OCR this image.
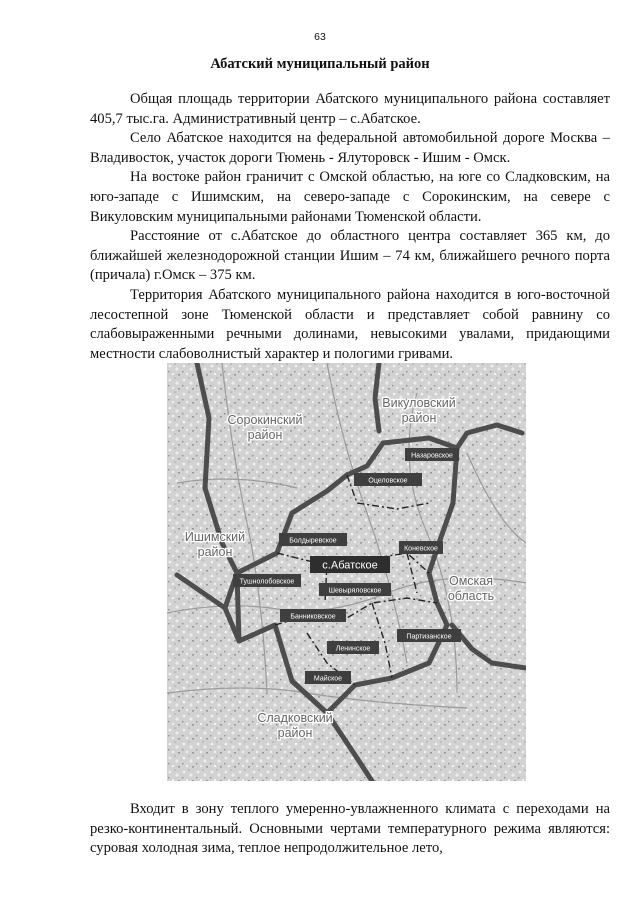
63
Абатский муниципальный район

Общая площадь территории Абатского муниципального района составляет 405,7 тыс.га. Административный центр – с.Абатское.

Село Абатское находится на федеральной автомобильной дороге Москва – Владивосток, участок дороги Тюмень - Ялуторовск - Ишим - Омск.

На востоке район граничит с Омской областью, на юге со Сладковским, на юго-западе с Ишимским, на северо-западе с Сорокинским, на севере с Викуловским муниципальными районами Тюменской области.

Расстояние от с.Абатское до областного центра составляет 365 км, до ближайшей железнодорожной станции Ишим – 74 км, ближайшего речного порта (причала) г.Омск – 375 км.

Территория Абатского муниципального района находится в юго-восточной лесостепной зоне Тюменской области и представляет собой равнину со слабовыраженными речными долинами, невысокими увалами, придающими местности слабоволнистый характер и пологими гривами.

Сорокинский район
Викуловский район
Ишимский район
Омская область
Сладковский район
Назаровское
Оцеловское
Болдыревское
Коневское
с.Абатское
Тушнолобовское
Шевыряловское
Банниковское
Партизанское
Ленинское
Майское

Входит в зону теплого умеренно-увлажненного климата с переходами на резко-континентальный. Основными чертами температурного режима являются: суровая холодная зима, теплое непродолжительное лето,
